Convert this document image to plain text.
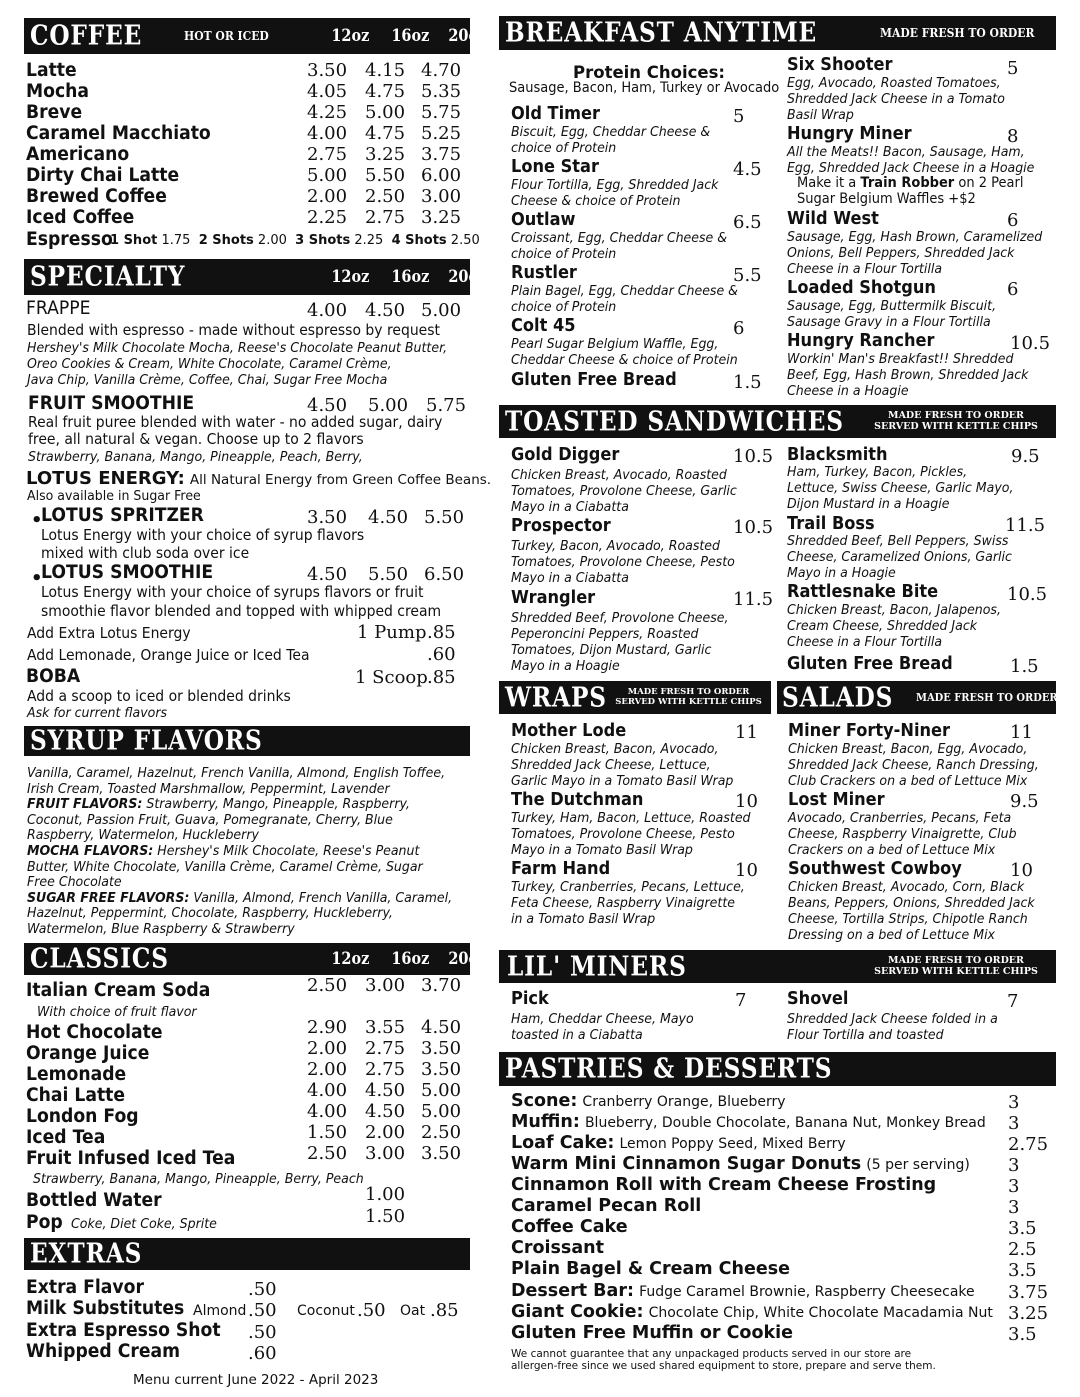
COFFEE	HOT OR ICED	12oz 16oz 20oz
Latte	3.50 4.15 4.70
Mocha	4.05 4.75 5.35
Breve	4.25 5.00 5.75
Caramel Macchiato	4.00 4.75 5.25
Americano	2.75 3.25 3.75
Dirty Chai Latte	5.00 5.50 6.00
Brewed Coffee	2.00 2.50 3.00
Iced Coffee	2.25 2.75 3.25
Espresso
1 Shot 1.75 2 Shots 2.00 3 Shots 2.25 4 Shots 2.50
SPECIALTY	12oz 16oz 20oz
FRAPPE	4.00 4.50 5.00
Blended with espresso - made without espresso by request
Hershey's Milk Chocolate Mocha, Reese's Chocolate Peanut Butter,
Oreo Cookies & Cream, White Chocolate, Caramel Crème,
Java Chip, Vanilla Crème, Coffee, Chai, Sugar Free Mocha
FRUIT SMOOTHIE	4.50 5.00 5.75
Real fruit puree blended with water - no added sugar, dairy
free, all natural & vegan. Choose up to 2 flavors
Strawberry, Banana, Mango, Pineapple, Peach, Berry,
LOTUS ENERGY: All Natural Energy from Green Coffee Beans.
Also available in Sugar Free
•
LOTUS SPRITZER	3.50 4.50 5.50
Lotus Energy with your choice of syrup flavors
mixed with club soda over ice
•
LOTUS SMOOTHIE	4.50 5.50 6.50
Lotus Energy with your choice of syrups flavors or fruit
smoothie flavor blended and topped with whipped cream
Add Extra Lotus Energy	1 Pump .85
Add Lemonade, Orange Juice or Iced Tea	.60
BOBA	1 Scoop .85
Add a scoop to iced or blended drinks
Ask for current flavors
SYRUP FLAVORS
Vanilla, Caramel, Hazelnut, French Vanilla, Almond, English Toffee,
Irish Cream, Toasted Marshmallow, Peppermint, Lavender
FRUIT FLAVORS: Strawberry, Mango, Pineapple, Raspberry,
Coconut, Passion Fruit, Guava, Pomegranate, Cherry, Blue
Raspberry, Watermelon, Huckleberry
MOCHA FLAVORS: Hershey's Milk Chocolate, Reese's Peanut
Butter, White Chocolate, Vanilla Crème, Caramel Crème, Sugar
Free Chocolate
SUGAR FREE FLAVORS: Vanilla, Almond, French Vanilla, Caramel,
Hazelnut, Peppermint, Chocolate, Raspberry, Huckleberry,
Watermelon, Blue Raspberry & Strawberry
CLASSICS	12oz 16oz 20oz
Italian Cream Soda	2.50 3.00 3.70
With choice of fruit flavor
Hot Chocolate	2.90 3.55 4.50
Orange Juice	2.00 2.75 3.50
Lemonade	2.00 2.75 3.50
Chai Latte	4.00 4.50 5.00
London Fog	4.00 4.50 5.00
Iced Tea	1.50 2.00 2.50
Fruit Infused Iced Tea	2.50 3.00 3.50
Strawberry, Banana, Mango, Pineapple, Berry, Peach
Bottled Water	1.00
Pop Coke, Diet Coke, Sprite	1.50
EXTRAS
Extra Flavor	.50
Milk Substitutes Almond .50 Coconut .50 Oat .85
Extra Espresso Shot .50
Whipped Cream	.60
Menu current June 2022 - April 2023
BREAKFAST ANYTIME	MADE FRESH TO ORDER
Protein Choices:
Sausage, Bacon, Ham, Turkey or Avocado
Old Timer	5
Biscuit, Egg, Cheddar Cheese &
choice of Protein
Lone Star	4.5
Flour Tortilla, Egg, Shredded Jack
Cheese & choice of Protein
Outlaw	6.5
Croissant, Egg, Cheddar Cheese &
choice of Protein
Rustler	5.5
Plain Bagel, Egg, Cheddar Cheese &
choice of Protein
Colt 45	6
Pearl Sugar Belgium Waffle, Egg,
Cheddar Cheese & choice of Protein
Gluten Free Bread	1.5
Six Shooter	5
Egg, Avocado, Roasted Tomatoes,
Shredded Jack Cheese in a Tomato
Basil Wrap
Hungry Miner	8
All the Meats!! Bacon, Sausage, Ham,
Egg, Shredded Jack Cheese in a Hoagie
Make it a Train Robber on 2 Pearl
Sugar Belgium Waffles +$2
Wild West	6
Sausage, Egg, Hash Brown, Caramelized
Onions, Bell Peppers, Shredded Jack
Cheese in a Flour Tortilla
Loaded Shotgun	6
Sausage, Egg, Buttermilk Biscuit,
Sausage Gravy in a Flour Tortilla
Hungry Rancher	10.5
Workin' Man's Breakfast!! Shredded
Beef, Egg, Hash Brown, Shredded Jack
Cheese in a Hoagie
TOASTED SANDWICHES	MADE FRESH TO ORDER
SERVED WITH KETTLE CHIPS
Gold Digger	10.5
Chicken Breast, Avocado, Roasted
Tomatoes, Provolone Cheese, Garlic
Mayo in a Ciabatta
Prospector	10.5
Turkey, Bacon, Avocado, Roasted
Tomatoes, Provolone Cheese, Pesto
Mayo in a Ciabatta
Wrangler	11.5
Shredded Beef, Provolone Cheese,
Peperoncini Peppers, Roasted
Tomatoes, Dijon Mustard, Garlic
Mayo in a Hoagie
Blacksmith	9.5
Ham, Turkey, Bacon, Pickles,
Lettuce, Swiss Cheese, Garlic Mayo,
Dijon Mustard in a Hoagie
Trail Boss	11.5
Shredded Beef, Bell Peppers, Swiss
Cheese, Caramelized Onions, Garlic
Mayo in a Hoagie
Rattlesnake Bite	10.5
Chicken Breast, Bacon, Jalapenos,
Cream Cheese, Shredded Jack
Cheese in a Flour Tortilla
Gluten Free Bread	1.5
WRAPS	MADE FRESH TO ORDER
SERVED WITH KETTLE CHIPS SALADS MADE FRESH TO ORDER
Mother Lode	11
Chicken Breast, Bacon, Avocado,
Shredded Jack Cheese, Lettuce,
Garlic Mayo in a Tomato Basil Wrap
The Dutchman	10
Turkey, Ham, Bacon, Lettuce, Roasted
Tomatoes, Provolone Cheese, Pesto
Mayo in a Tomato Basil Wrap
Farm Hand	10
Turkey, Cranberries, Pecans, Lettuce,
Feta Cheese, Raspberry Vinaigrette
in a Tomato Basil Wrap
Miner Forty-Niner	11
Chicken Breast, Bacon, Egg, Avocado,
Shredded Jack Cheese, Ranch Dressing,
Club Crackers on a bed of Lettuce Mix
Lost Miner	9.5
Avocado, Cranberries, Pecans, Feta
Cheese, Raspberry Vinaigrette, Club
Crackers on a bed of Lettuce Mix
Southwest Cowboy	10
Chicken Breast, Avocado, Corn, Black
Beans, Peppers, Onions, Shredded Jack
Cheese, Tortilla Strips, Chipotle Ranch
Dressing on a bed of Lettuce Mix
LIL' MINERS	MADE FRESH TO ORDER
SERVED WITH KETTLE CHIPS
Pick	7
Ham, Cheddar Cheese, Mayo
toasted in a Ciabatta
Shovel	7
Shredded Jack Cheese folded in a
Flour Tortilla and toasted
PASTRIES & DESSERTS
Scone: Cranberry Orange, Blueberry	3
Muffin: Blueberry, Double Chocolate, Banana Nut, Monkey Bread 3
Loaf Cake: Lemon Poppy Seed, Mixed Berry	2.75
Warm Mini Cinnamon Sugar Donuts (5 per serving) 3
Cinnamon Roll with Cream Cheese Frosting	3
Caramel Pecan Roll	3
Coffee Cake	3.5
Croissant	2.5
Plain Bagel & Cream Cheese	3.5
Dessert Bar: Fudge Caramel Brownie, Raspberry Cheesecake 3.75
Giant Cookie: Chocolate Chip, White Chocolate Macadamia Nut 3.25
Gluten Free Muffin or Cookie	3.5
We cannot guarantee that any unpackaged products served in our store are
allergen-free since we used shared equipment to store, prepare and serve them.
